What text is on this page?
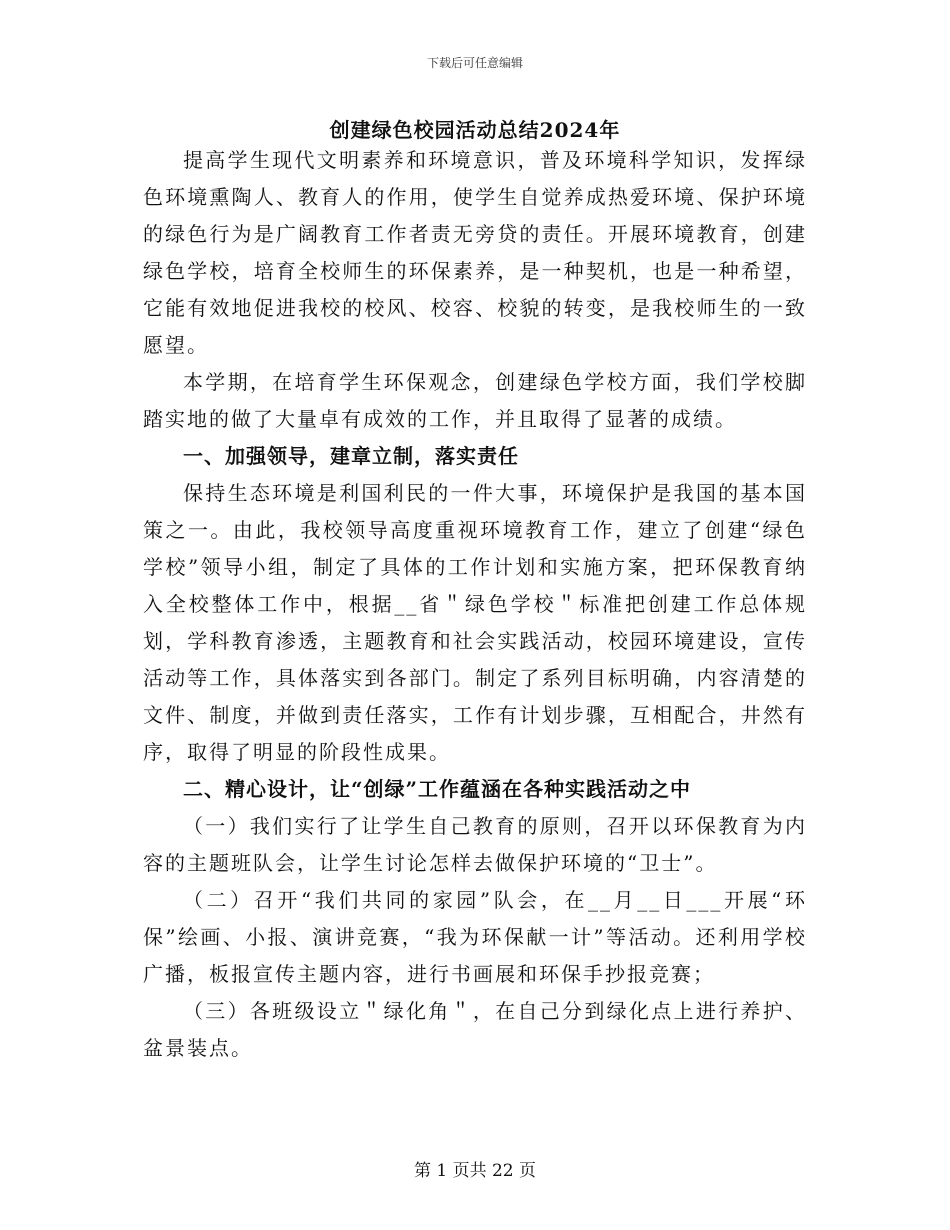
下载后可任意编辑
创建绿色校园活动总结2024年

提高学生现代文明素养和环境意识，普及环境科学知识，发挥绿色环境熏陶人、教育人的作用，使学生自觉养成热爱环境、保护环境的绿色行为是广阔教育工作者责无旁贷的责任。开展环境教育，创建绿色学校，培育全校师生的环保素养，是一种契机，也是一种希望，它能有效地促进我校的校风、校容、校貌的转变，是我校师生的一致愿望。

本学期，在培育学生环保观念，创建绿色学校方面，我们学校脚踏实地的做了大量卓有成效的工作，并且取得了显著的成绩。

一、加强领导，建章立制，落实责任

保持生态环境是利国利民的一件大事，环境保护是我国的基本国策之一。由此，我校领导高度重视环境教育工作，建立了创建“绿色学校”领导小组，制定了具体的工作计划和实施方案，把环保教育纳入全校整体工作中，根据__省＂绿色学校＂标准把创建工作总体规划，学科教育渗透，主题教育和社会实践活动，校园环境建设，宣传活动等工作，具体落实到各部门。制定了系列目标明确，内容清楚的文件、制度，并做到责任落实，工作有计划步骤，互相配合，井然有序，取得了明显的阶段性成果。

二、精心设计，让“创绿”工作蕴涵在各种实践活动之中

（一）我们实行了让学生自己教育的原则，召开以环保教育为内容的主题班队会，让学生讨论怎样去做保护环境的“卫士”。

（二）召开“我们共同的家园”队会，在__月__日___开展“环保”绘画、小报、演讲竞赛，“我为环保献一计”等活动。还利用学校广播，板报宣传主题内容，进行书画展和环保手抄报竞赛；

（三）各班级设立＂绿化角＂，在自己分到绿化点上进行养护、盆景装点。

第 1 页共 22 页
